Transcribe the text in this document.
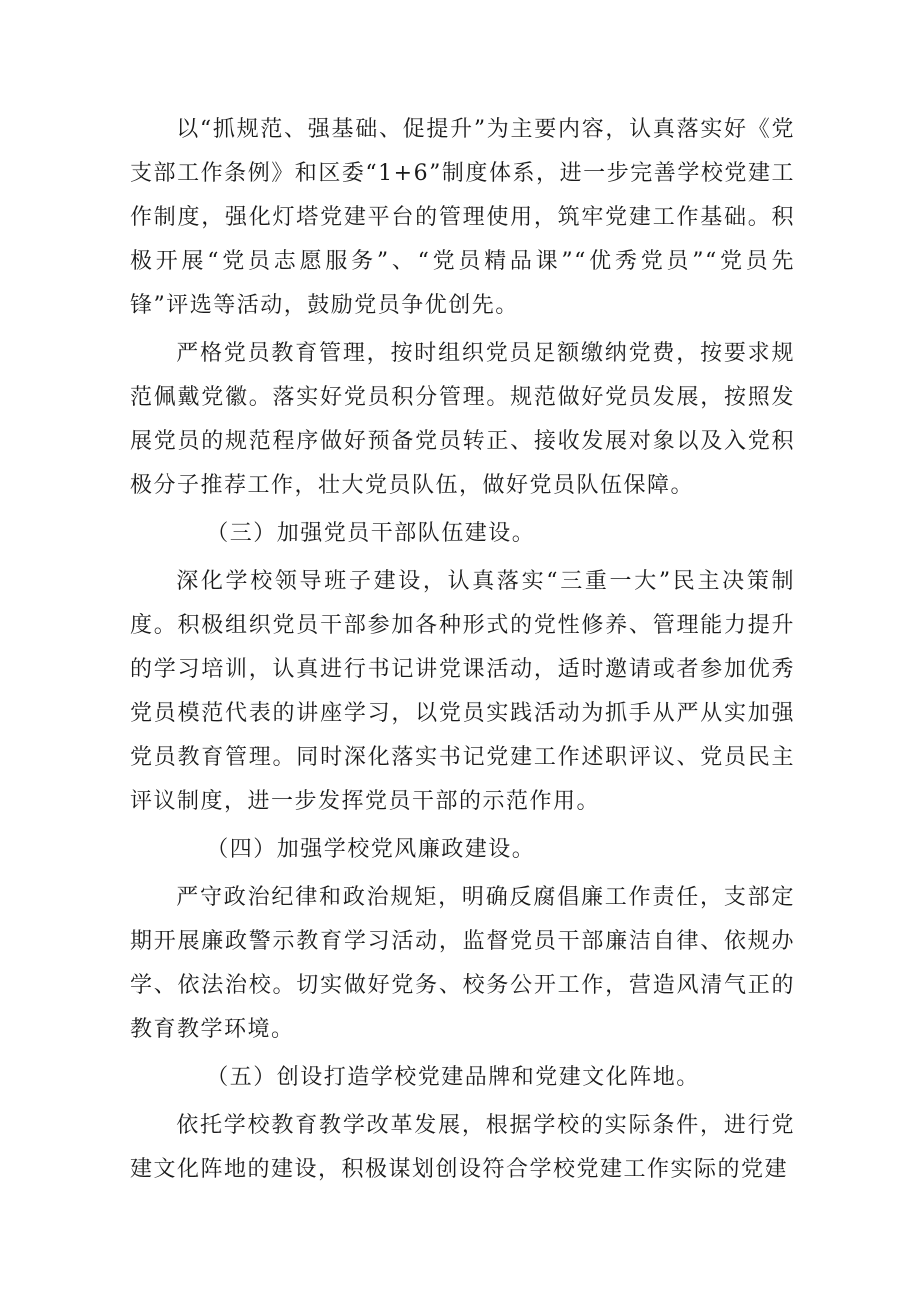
以“抓规范、强基础、促提升”为主要内容，认真落实好《党支部工作条例》和区委“1+6”制度体系，进一步完善学校党建工作制度，强化灯塔党建平台的管理使用，筑牢党建工作基础。积极开展“党员志愿服务”、“党员精品课”“优秀党员”“党员先锋”评选等活动，鼓励党员争优创先。

严格党员教育管理，按时组织党员足额缴纳党费，按要求规范佩戴党徽。落实好党员积分管理。规范做好党员发展，按照发展党员的规范程序做好预备党员转正、接收发展对象以及入党积极分子推荐工作，壮大党员队伍，做好党员队伍保障。

（三）加强党员干部队伍建设。

深化学校领导班子建设，认真落实“三重一大”民主决策制度。积极组织党员干部参加各种形式的党性修养、管理能力提升的学习培训，认真进行书记讲党课活动，适时邀请或者参加优秀党员模范代表的讲座学习，以党员实践活动为抓手从严从实加强党员教育管理。同时深化落实书记党建工作述职评议、党员民主评议制度，进一步发挥党员干部的示范作用。

（四）加强学校党风廉政建设。

严守政治纪律和政治规矩，明确反腐倡廉工作责任，支部定期开展廉政警示教育学习活动，监督党员干部廉洁自律、依规办学、依法治校。切实做好党务、校务公开工作，营造风清气正的教育教学环境。

（五）创设打造学校党建品牌和党建文化阵地。

依托学校教育教学改革发展，根据学校的实际条件，进行党建文化阵地的建设，积极谋划创设符合学校党建工作实际的党建
